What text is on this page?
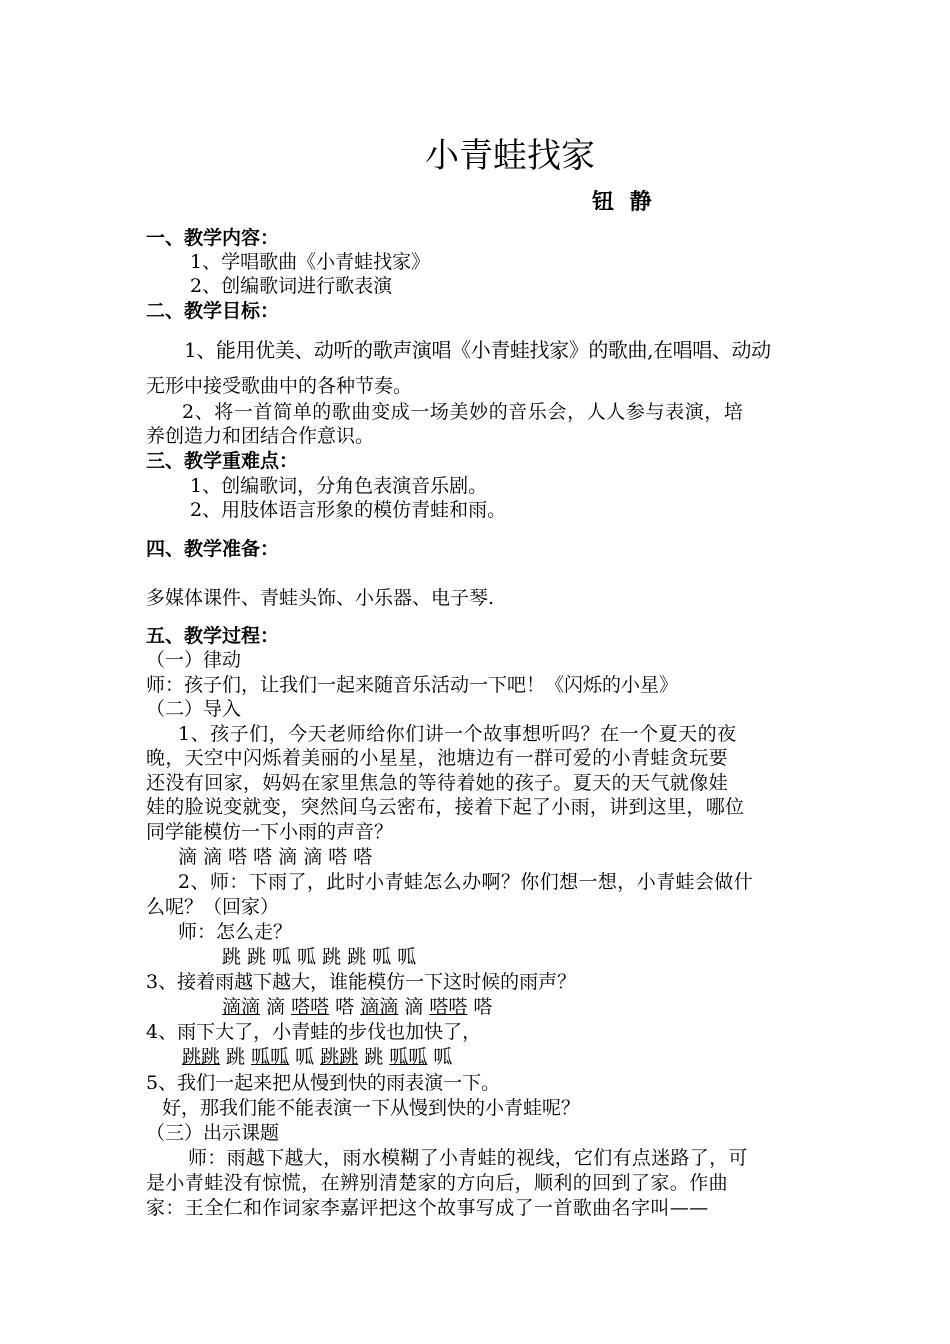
小青蛙找家
钮 静
一、教学内容：
1、学唱歌曲《小青蛙找家》
2、创编歌词进行歌表演
二、教学目标：
1、能用优美、动听的歌声演唱《小青蛙找家》的歌曲,在唱唱、动动
无形中接受歌曲中的各种节奏。
2、将一首简单的歌曲变成一场美妙的音乐会，人人参与表演，培
养创造力和团结合作意识。
三、教学重难点：
1、创编歌词，分角色表演音乐剧。
2、用肢体语言形象的模仿青蛙和雨。
四、教学准备：
多媒体课件、青蛙头饰、小乐器、电子琴.
五、教学过程：
（一）律动
师：孩子们，让我们一起来随音乐活动一下吧！《闪烁的小星》
（二）导入
1、孩子们，今天老师给你们讲一个故事想听吗？在一个夏天的夜
晚，天空中闪烁着美丽的小星星，池塘边有一群可爱的小青蛙贪玩要
还没有回家，妈妈在家里焦急的等待着她的孩子。夏天的天气就像娃
娃的脸说变就变，突然间乌云密布，接着下起了小雨，讲到这里，哪位
同学能模仿一下小雨的声音？
滴 滴 嗒 嗒 滴 滴 嗒 嗒
2、师：下雨了，此时小青蛙怎么办啊？你们想一想，小青蛙会做什
么呢？（回家）
师：怎么走？
跳 跳 呱 呱 跳 跳 呱 呱
3、接着雨越下越大，谁能模仿一下这时候的雨声？
滴滴 滴 嗒嗒 嗒 滴滴 滴 嗒嗒 嗒
4、雨下大了，小青蛙的步伐也加快了，
跳跳 跳 呱呱 呱 跳跳 跳 呱呱 呱
5、我们一起来把从慢到快的雨表演一下。
好，那我们能不能表演一下从慢到快的小青蛙呢？
（三）出示课题
师：雨越下越大，雨水模糊了小青蛙的视线，它们有点迷路了，可
是小青蛙没有惊慌，在辨别清楚家的方向后，顺利的回到了家。作曲
家：王全仁和作词家李嘉评把这个故事写成了一首歌曲名字叫——
